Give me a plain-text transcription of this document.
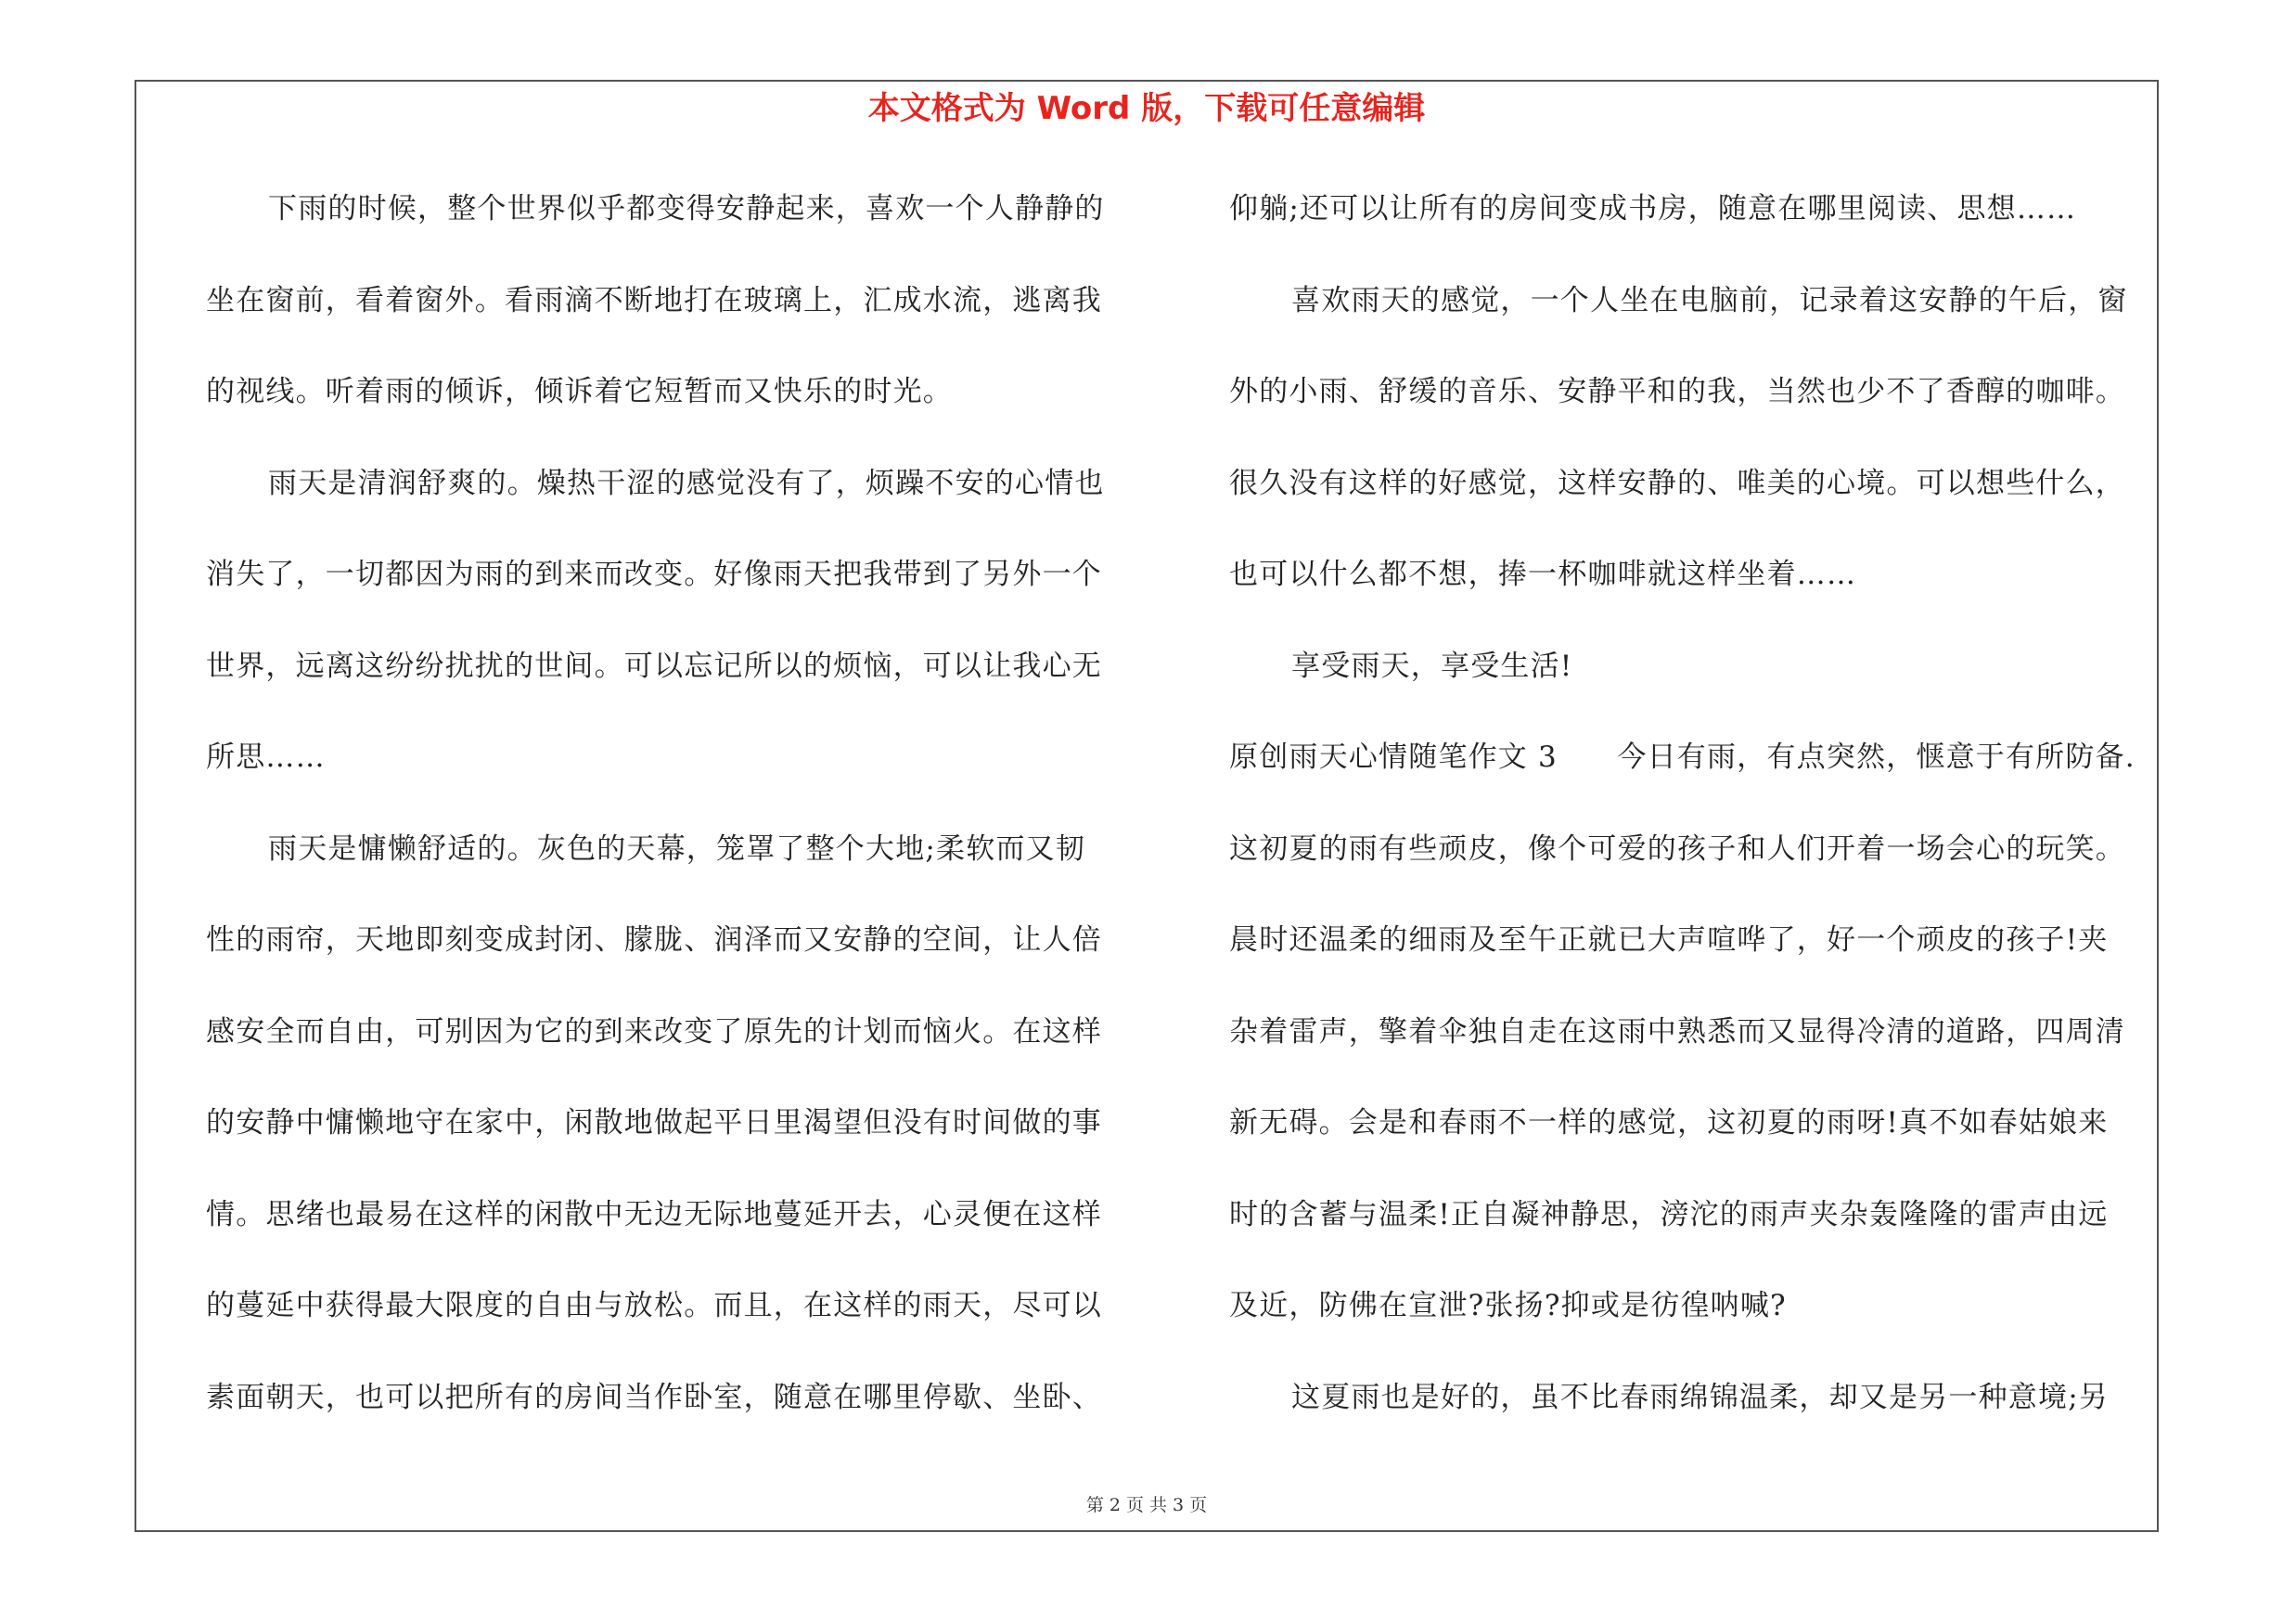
本文格式为 Word 版，下载可任意编辑
下雨的时候，整个世界似乎都变得安静起来，喜欢一个人静静的
坐在窗前，看着窗外。看雨滴不断地打在玻璃上，汇成水流，逃离我
的视线。听着雨的倾诉，倾诉着它短暂而又快乐的时光。
雨天是清润舒爽的。燥热干涩的感觉没有了，烦躁不安的心情也
消失了，一切都因为雨的到来而改变。好像雨天把我带到了另外一个
世界，远离这纷纷扰扰的世间。可以忘记所以的烦恼，可以让我心无
所思……
雨天是慵懒舒适的。灰色的天幕，笼罩了整个大地;柔软而又韧
性的雨帘，天地即刻变成封闭、朦胧、润泽而又安静的空间，让人倍
感安全而自由，可别因为它的到来改变了原先的计划而恼火。在这样
的安静中慵懒地守在家中，闲散地做起平日里渴望但没有时间做的事
情。思绪也最易在这样的闲散中无边无际地蔓延开去，心灵便在这样
的蔓延中获得最大限度的自由与放松。而且，在这样的雨天，尽可以
素面朝天，也可以把所有的房间当作卧室，随意在哪里停歇、坐卧、
仰躺;还可以让所有的房间变成书房，随意在哪里阅读、思想……
喜欢雨天的感觉，一个人坐在电脑前，记录着这安静的午后，窗
外的小雨、舒缓的音乐、安静平和的我，当然也少不了香醇的咖啡。
很久没有这样的好感觉，这样安静的、唯美的心境。可以想些什么，
也可以什么都不想，捧一杯咖啡就这样坐着……
享受雨天，享受生活!
原创雨天心情随笔作文 3　　今日有雨，有点突然，惬意于有所防备.
这初夏的雨有些顽皮，像个可爱的孩子和人们开着一场会心的玩笑。
晨时还温柔的细雨及至午正就已大声喧哗了，好一个顽皮的孩子!夹
杂着雷声，擎着伞独自走在这雨中熟悉而又显得冷清的道路，四周清
新无碍。会是和春雨不一样的感觉，这初夏的雨呀!真不如春姑娘来
时的含蓄与温柔!正自凝神静思，滂沱的雨声夹杂轰隆隆的雷声由远
及近，防佛在宣泄?张扬?抑或是彷徨呐喊?
这夏雨也是好的，虽不比春雨绵锦温柔，却又是另一种意境;另
第 2 页 共 3 页
